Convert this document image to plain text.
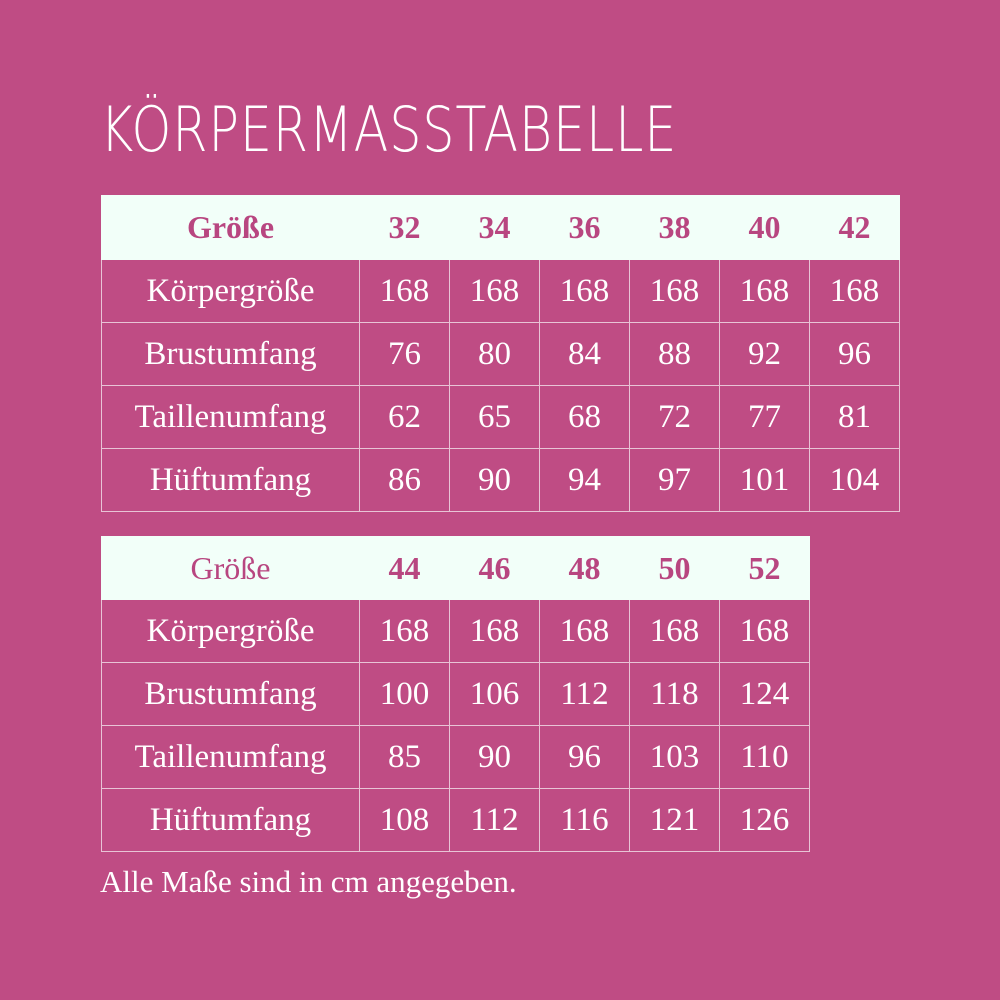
KÖRPERMASSTABELLE
Größe	32	34	36	38	40	42
Körpergröße	168	168	168	168	168	168
Brustumfang	76	80	84	88	92	96
Taillenumfang	62	65	68	72	77	81
Hüftumfang	86	90	94	97	101	104
Größe	44	46	48	50	52
Körpergröße	168	168	168	168	168
Brustumfang	100	106	112	118	124
Taillenumfang	85	90	96	103	110
Hüftumfang	108	112	116	121	126
Alle Maße sind in cm angegeben.
